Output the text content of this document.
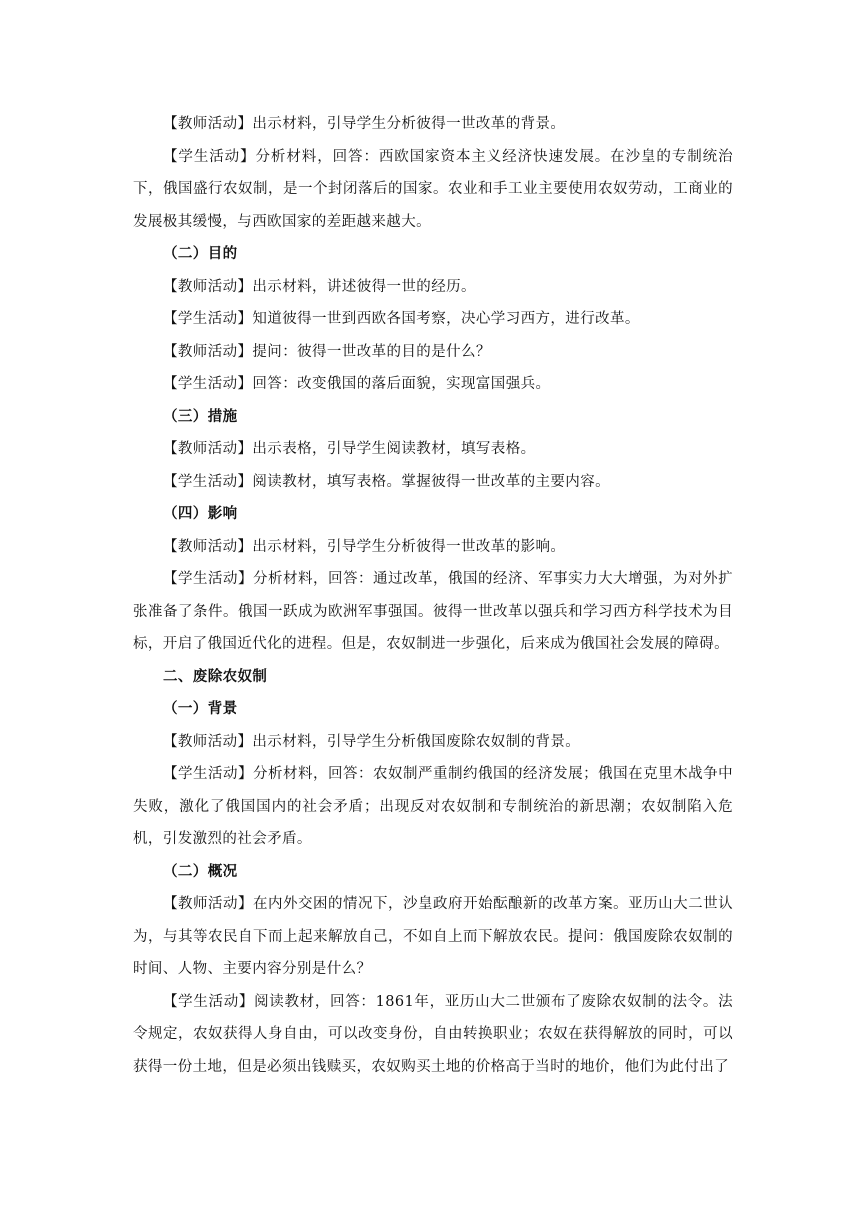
【教师活动】出示材料，引导学生分析彼得一世改革的背景。

【学生活动】分析材料，回答：西欧国家资本主义经济快速发展。在沙皇的专制统治下，俄国盛行农奴制，是一个封闭落后的国家。农业和手工业主要使用农奴劳动，工商业的发展极其缓慢，与西欧国家的差距越来越大。

（二）目的

【教师活动】出示材料，讲述彼得一世的经历。

【学生活动】知道彼得一世到西欧各国考察，决心学习西方，进行改革。

【教师活动】提问：彼得一世改革的目的是什么？

【学生活动】回答：改变俄国的落后面貌，实现富国强兵。

（三）措施

【教师活动】出示表格，引导学生阅读教材，填写表格。

【学生活动】阅读教材，填写表格。掌握彼得一世改革的主要内容。

（四）影响

【教师活动】出示材料，引导学生分析彼得一世改革的影响。

【学生活动】分析材料，回答：通过改革，俄国的经济、军事实力大大增强，为对外扩张准备了条件。俄国一跃成为欧洲军事强国。彼得一世改革以强兵和学习西方科学技术为目标，开启了俄国近代化的进程。但是，农奴制进一步强化，后来成为俄国社会发展的障碍。

二、废除农奴制

（一）背景

【教师活动】出示材料，引导学生分析俄国废除农奴制的背景。

【学生活动】分析材料，回答：农奴制严重制约俄国的经济发展；俄国在克里木战争中失败，激化了俄国国内的社会矛盾；出现反对农奴制和专制统治的新思潮；农奴制陷入危机，引发激烈的社会矛盾。

（二）概况

【教师活动】在内外交困的情况下，沙皇政府开始酝酿新的改革方案。亚历山大二世认为，与其等农民自下而上起来解放自己，不如自上而下解放农民。提问：俄国废除农奴制的时间、人物、主要内容分别是什么？

【学生活动】阅读教材，回答：1861年，亚历山大二世颁布了废除农奴制的法令。法令规定，农奴获得人身自由，可以改变身份，自由转换职业；农奴在获得解放的同时，可以获得一份土地，但是必须出钱赎买，农奴购买土地的价格高于当时的地价，他们为此付出了
